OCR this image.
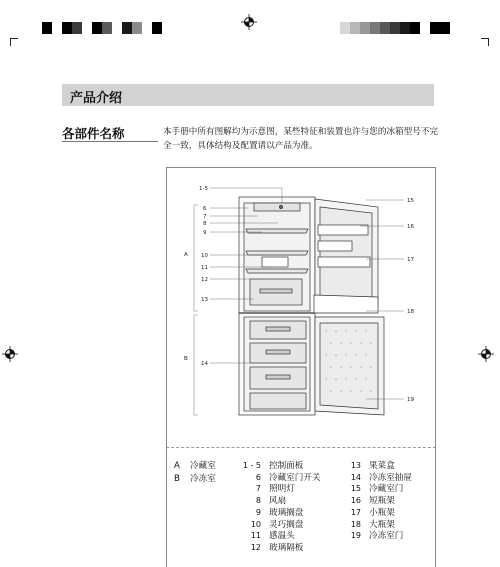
产品介绍
各部件名称	本手册中所有图解均为示意图，某些特征和装置也许与您的冰箱型号不完全一致，具体结构及配置请以产品为准。
1-5
6
7
8
9
A 10
11
12
13
B
14
15
16
17
18
19
A	冷藏室
B	冷冻室
1 - 5 控制面板
6 冷藏室门开关
7 照明灯
8 风扇
9 玻璃搁盘
10 灵巧搁盘
11 感温头
12 玻璃隔板
13 果菜盒
14 冷冻室抽屉
15 冷藏室门
16 短瓶架
17 小瓶架
18 大瓶架
19 冷冻室门
